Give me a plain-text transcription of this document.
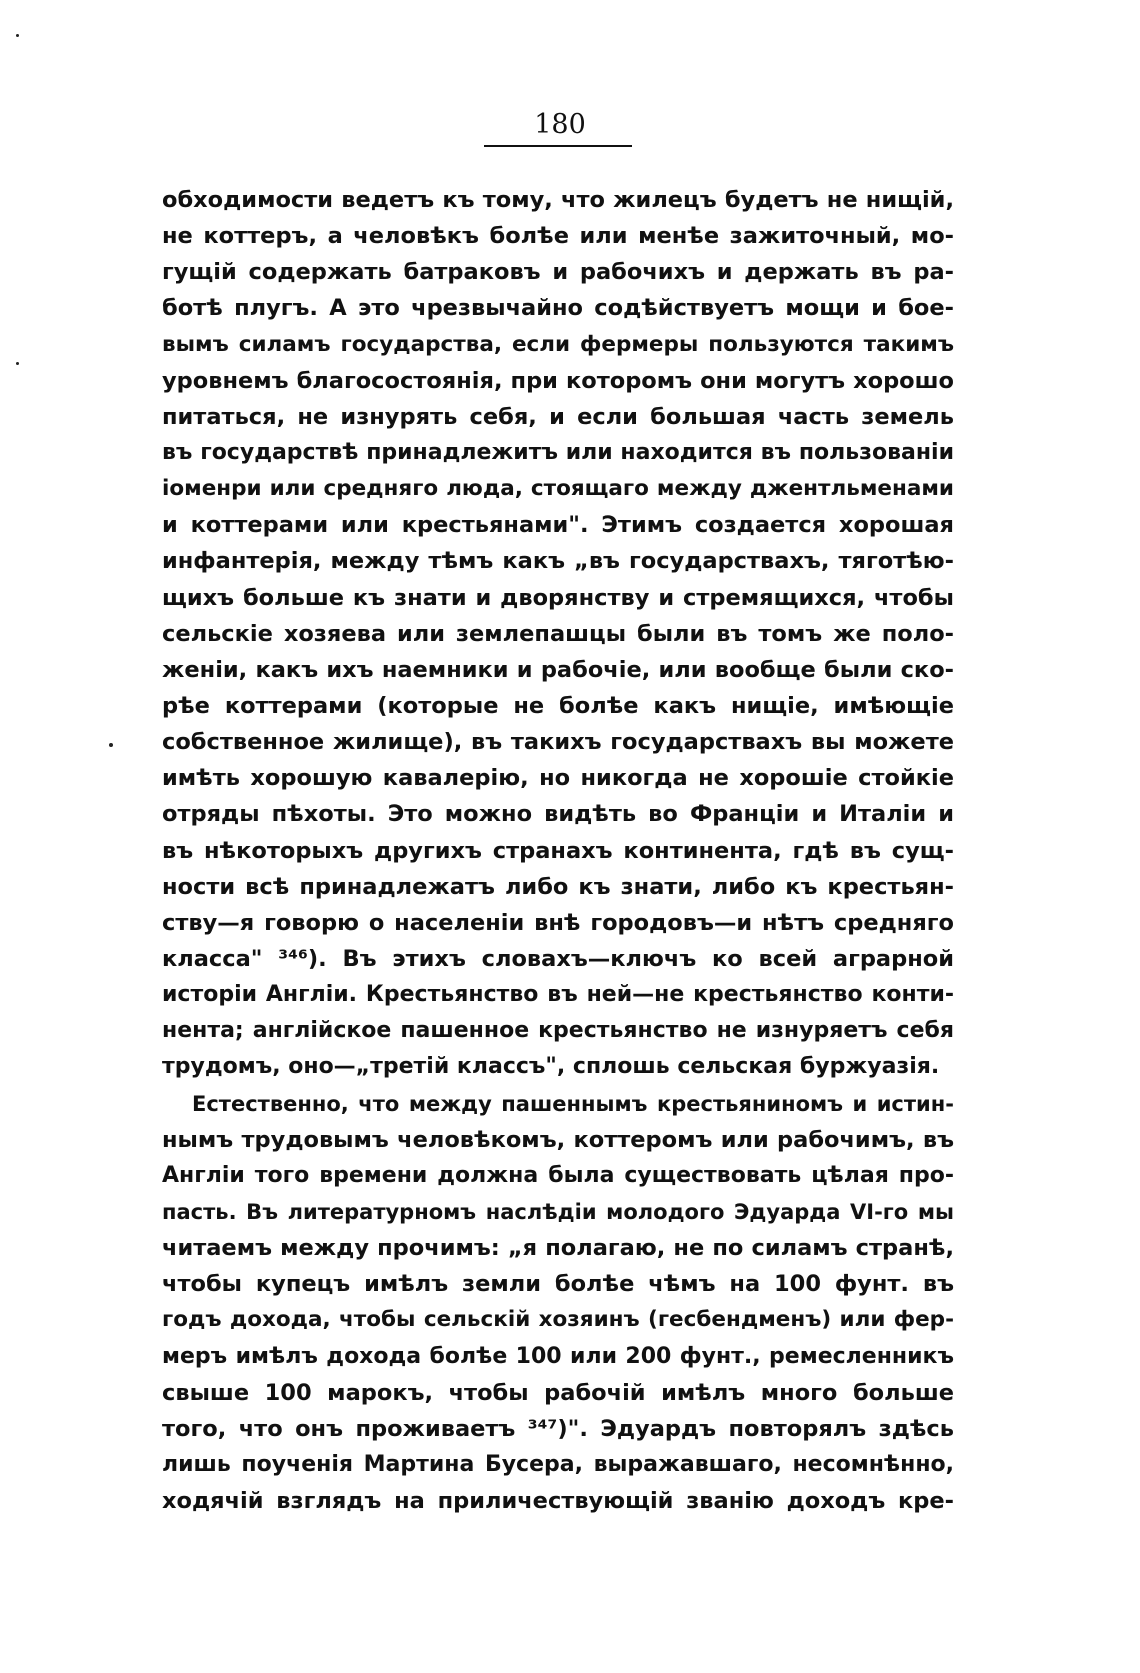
180
обходимости ведетъ къ тому, что жилецъ будетъ не нищій,
не коттеръ, а человѣкъ болѣе или менѣе зажиточный, мо-
гущій содержать батраковъ и рабочихъ и держать въ ра-
ботѣ плугъ. А это чрезвычайно содѣйствуетъ мощи и бое-
вымъ силамъ государства, если фермеры пользуются такимъ
уровнемъ благосостоянія, при которомъ они могутъ хорошо
питаться, не изнурять себя, и если большая часть земель
въ государствѣ принадлежитъ или находится въ пользованіи
іоменри или средняго люда, стоящаго между джентльменами
и коттерами или крестьянами". Этимъ создается хорошая
инфантерія, между тѣмъ какъ „въ государствахъ, тяготѣю-
щихъ больше къ знати и дворянству и стремящихся, чтобы
сельскіе хозяева или землепашцы были въ томъ же поло-
женіи, какъ ихъ наемники и рабочіе, или вообще были ско-
рѣе коттерами (которые не болѣе какъ нищіе, имѣющіе
собственное жилище), въ такихъ государствахъ вы можете
имѣть хорошую кавалерію, но никогда не хорошіе стойкіе
отряды пѣхоты. Это можно видѣть во Франціи и Италіи и
въ нѣкоторыхъ другихъ странахъ континента, гдѣ въ сущ-
ности всѣ принадлежатъ либо къ знати, либо къ крестьян-
ству—я говорю о населеніи внѣ городовъ—и нѣтъ средняго
класса" ³⁴⁶). Въ этихъ словахъ—ключъ ко всей аграрной
исторіи Англіи. Крестьянство въ ней—не крестьянство конти-
нента; англійское пашенное крестьянство не изнуряетъ себя
трудомъ, оно—„третій классъ", сплошь сельская буржуазія.
Естественно, что между пашеннымъ крестьяниномъ и истин-
нымъ трудовымъ человѣкомъ, коттеромъ или рабочимъ, въ
Англіи того времени должна была существовать цѣлая про-
пасть. Въ литературномъ наслѣдіи молодого Эдуарда VI-го мы
читаемъ между прочимъ: „я полагаю, не по силамъ странѣ,
чтобы купецъ имѣлъ земли болѣе чѣмъ на 100 фунт. въ
годъ дохода, чтобы сельскій хозяинъ (гесбендменъ) или фер-
меръ имѣлъ дохода болѣе 100 или 200 фунт., ремесленникъ
свыше 100 марокъ, чтобы рабочій имѣлъ много больше
того, что онъ проживаетъ ³⁴⁷)". Эдуардъ повторялъ здѣсь
лишь поученія Мартина Бусера, выражавшаго, несомнѣнно,
ходячій взглядъ на приличествующій званію доходъ кре-
